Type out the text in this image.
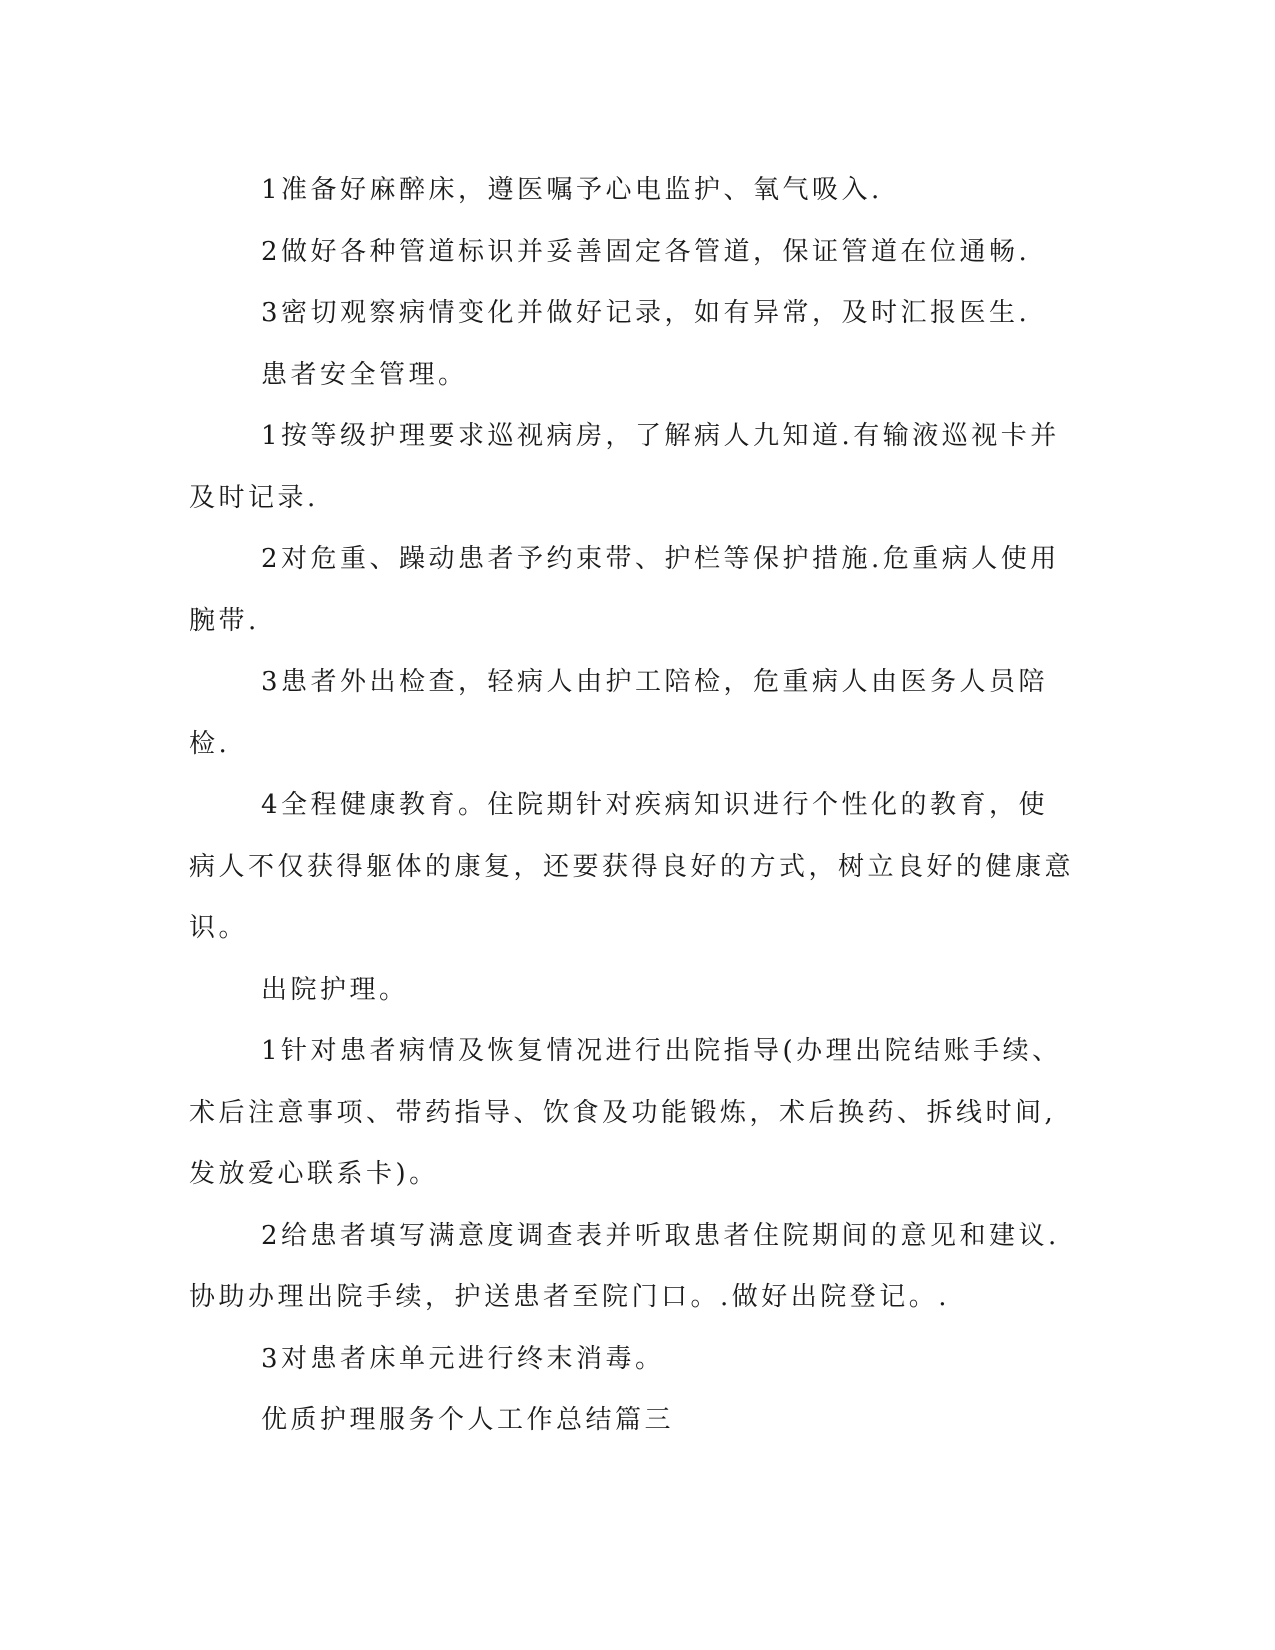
1准备好麻醉床，遵医嘱予心电监护、氧气吸入.

2做好各种管道标识并妥善固定各管道，保证管道在位通畅.

3密切观察病情变化并做好记录，如有异常，及时汇报医生.

患者安全管理。

1按等级护理要求巡视病房，了解病人九知道.有输液巡视卡并及时记录.

2对危重、躁动患者予约束带、护栏等保护措施.危重病人使用腕带.

3患者外出检查，轻病人由护工陪检，危重病人由医务人员陪检.

4全程健康教育。住院期针对疾病知识进行个性化的教育，使病人不仅获得躯体的康复，还要获得良好的方式，树立良好的健康意识。

出院护理。

1针对患者病情及恢复情况进行出院指导(办理出院结账手续、术后注意事项、带药指导、饮食及功能锻炼，术后换药、拆线时间,发放爱心联系卡)。

2给患者填写满意度调查表并听取患者住院期间的意见和建议.协助办理出院手续，护送患者至院门口。.做好出院登记。.

3对患者床单元进行终末消毒。

优质护理服务个人工作总结篇三
